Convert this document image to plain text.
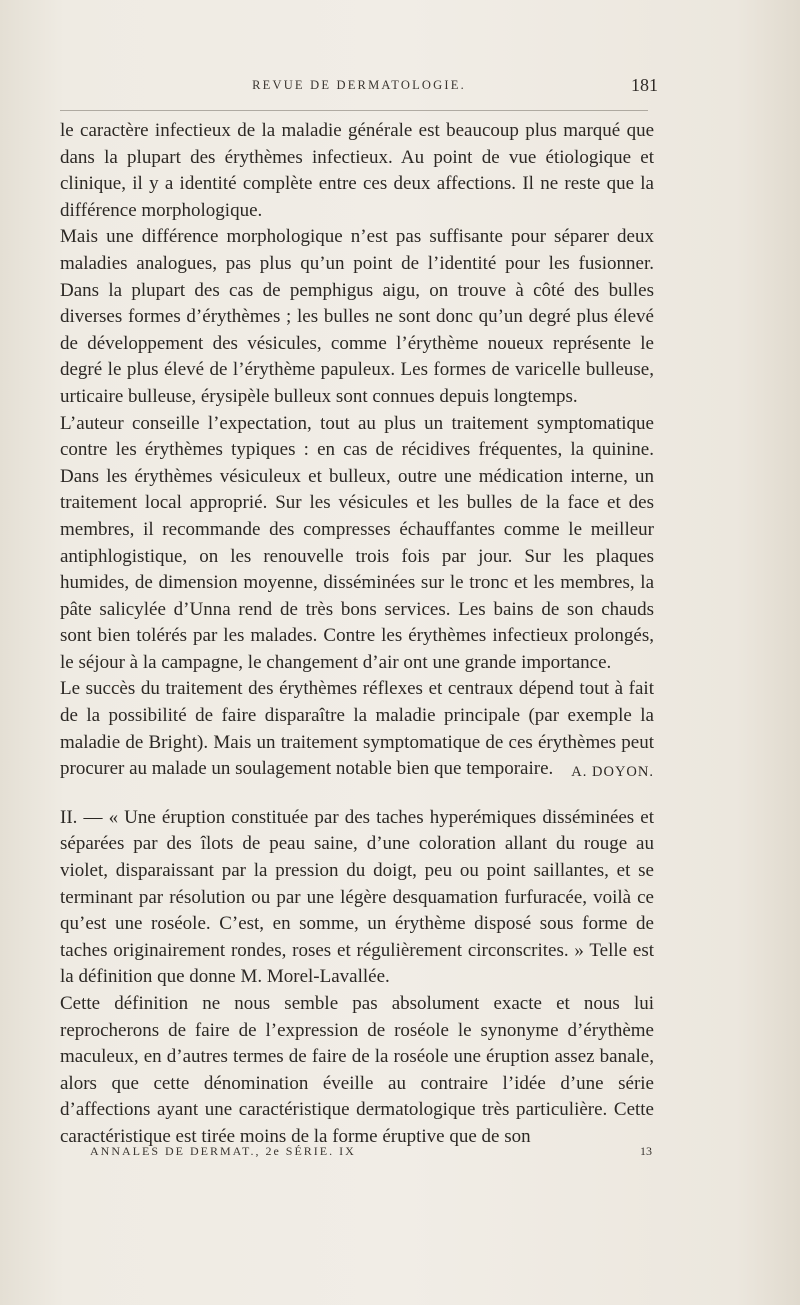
REVUE DE DERMATOLOGIE.	181

le caractère infectieux de la maladie générale est beaucoup plus marqué que dans la plupart des érythèmes infectieux. Au point de vue étiologique et clinique, il y a identité complète entre ces deux affections. Il ne reste que la différence morphologique.

Mais une différence morphologique n’est pas suffisante pour séparer deux maladies analogues, pas plus qu’un point de l’identité pour les fusionner. Dans la plupart des cas de pemphigus aigu, on trouve à côté des bulles diverses formes d’érythèmes ; les bulles ne sont donc qu’un degré plus élevé de développement des vésicules, comme l’érythème noueux représente le degré le plus élevé de l’érythème papuleux. Les formes de varicelle bulleuse, urticaire bulleuse, érysipèle bulleux sont connues depuis longtemps.

L’auteur conseille l’expectation, tout au plus un traitement symptomatique contre les érythèmes typiques : en cas de récidives fréquentes, la quinine. Dans les érythèmes vésiculeux et bulleux, outre une médication interne, un traitement local approprié. Sur les vésicules et les bulles de la face et des membres, il recommande des compresses échauffantes comme le meilleur antiphlogistique, on les renouvelle trois fois par jour. Sur les plaques humides, de dimension moyenne, disséminées sur le tronc et les membres, la pâte salicylée d’Unna rend de très bons services. Les bains de son chauds sont bien tolérés par les malades. Contre les érythèmes infectieux prolongés, le séjour à la campagne, le changement d’air ont une grande importance.

Le succès du traitement des érythèmes réflexes et centraux dépend tout à fait de la possibilité de faire disparaître la maladie principale (par exemple la maladie de Bright). Mais un traitement symptomatique de ces érythèmes peut procurer au malade un soulagement notable bien que temporaire. A. DOYON.

II. — « Une éruption constituée par des taches hyperémiques disséminées et séparées par des îlots de peau saine, d’une coloration allant du rouge au violet, disparaissant par la pression du doigt, peu ou point saillantes, et se terminant par résolution ou par une légère desquamation furfuracée, voilà ce qu’est une roséole. C’est, en somme, un érythème disposé sous forme de taches originairement rondes, roses et régulièrement circonscrites. » Telle est la définition que donne M. Morel-Lavallée.

Cette définition ne nous semble pas absolument exacte et nous lui reprocherons de faire de l’expression de roséole le synonyme d’érythème maculeux, en d’autres termes de faire de la roséole une éruption assez banale, alors que cette dénomination éveille au contraire l’idée d’une série d’affections ayant une caractéristique dermatologique très particulière. Cette caractéristique est tirée moins de la forme éruptive que de son

ANNALES DE DERMAT., 2e SÉRIE. IX	13
